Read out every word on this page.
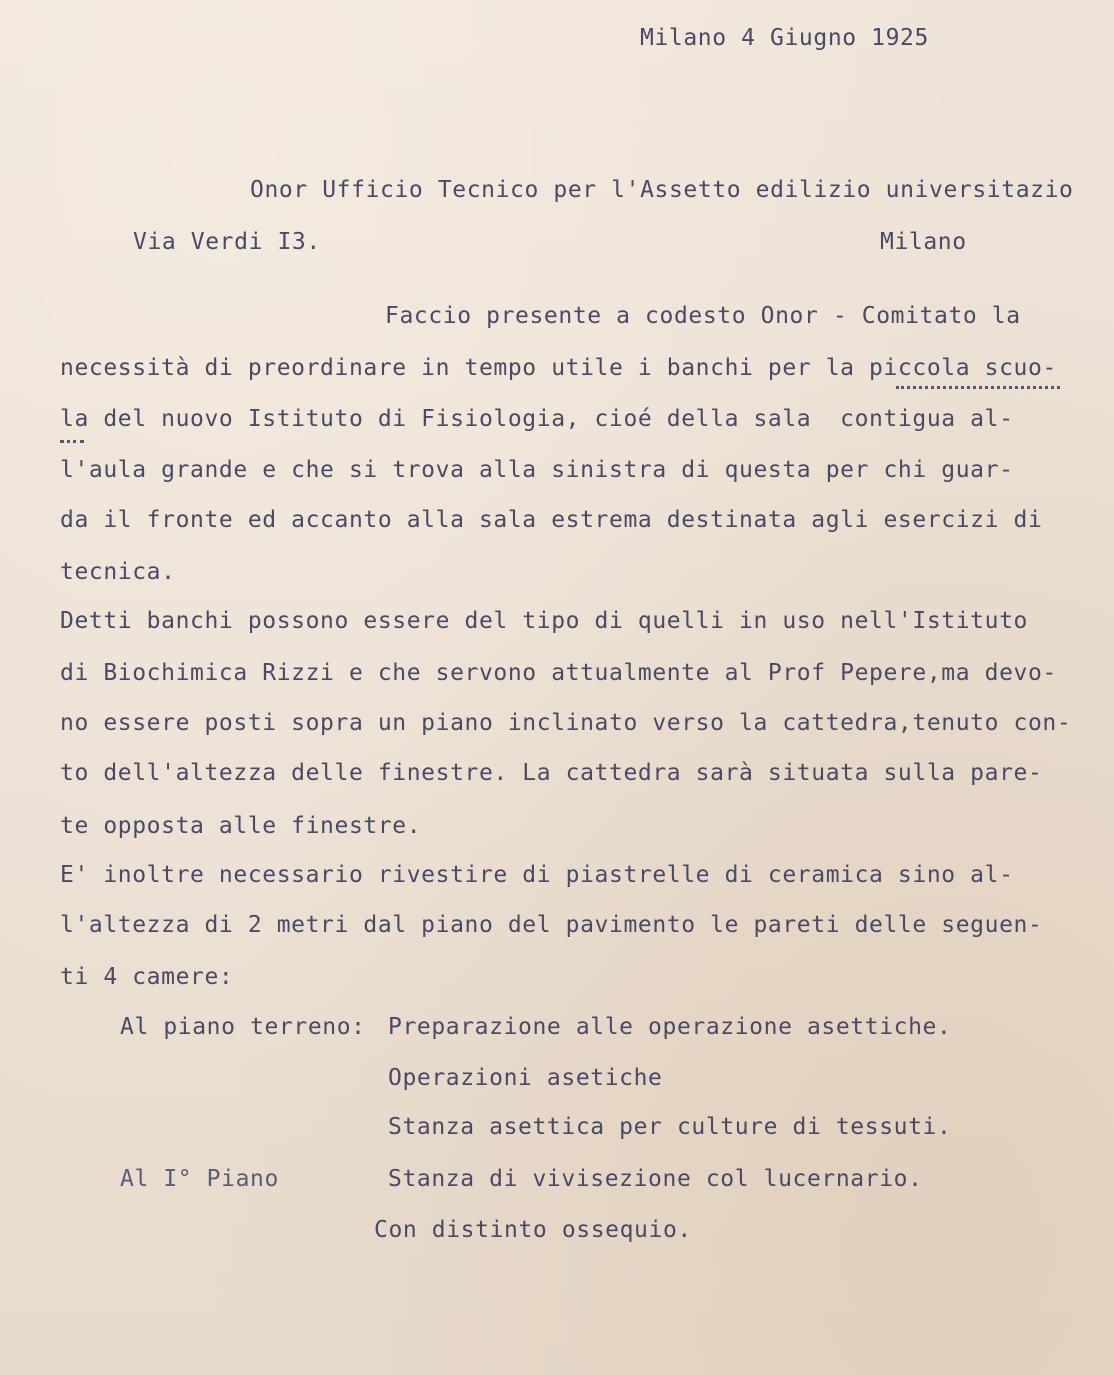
Milano 4 Giugno 1925
Onor Ufficio Tecnico per l'Assetto edilizio universitazio
Via Verdi I3.	Milano
Faccio presente a codesto Onor - Comitato la
necessità di preordinare in tempo utile i banchi per la piccola scuo-
la del nuovo Istituto di Fisiologia, cioé della sala  contigua al-
l'aula grande e che si trova alla sinistra di questa per chi guar-
da il fronte ed accanto alla sala estrema destinata agli esercizi di
tecnica.
Detti banchi possono essere del tipo di quelli in uso nell'Istituto
di Biochimica Rizzi e che servono attualmente al Prof Pepere,ma devo-
no essere posti sopra un piano inclinato verso la cattedra,tenuto con-
to dell'altezza delle finestre. La cattedra sarà situata sulla pare-
te opposta alle finestre.
E' inoltre necessario rivestire di piastrelle di ceramica sino al-
l'altezza di 2 metri dal piano del pavimento le pareti delle seguen-
ti 4 camere:
Al piano terreno: Preparazione alle operazione asettiche.
Operazioni asetiche
Stanza asettica per culture di tessuti.
Al I° Piano	Stanza di vivisezione col lucernario.
Con distinto ossequio.
